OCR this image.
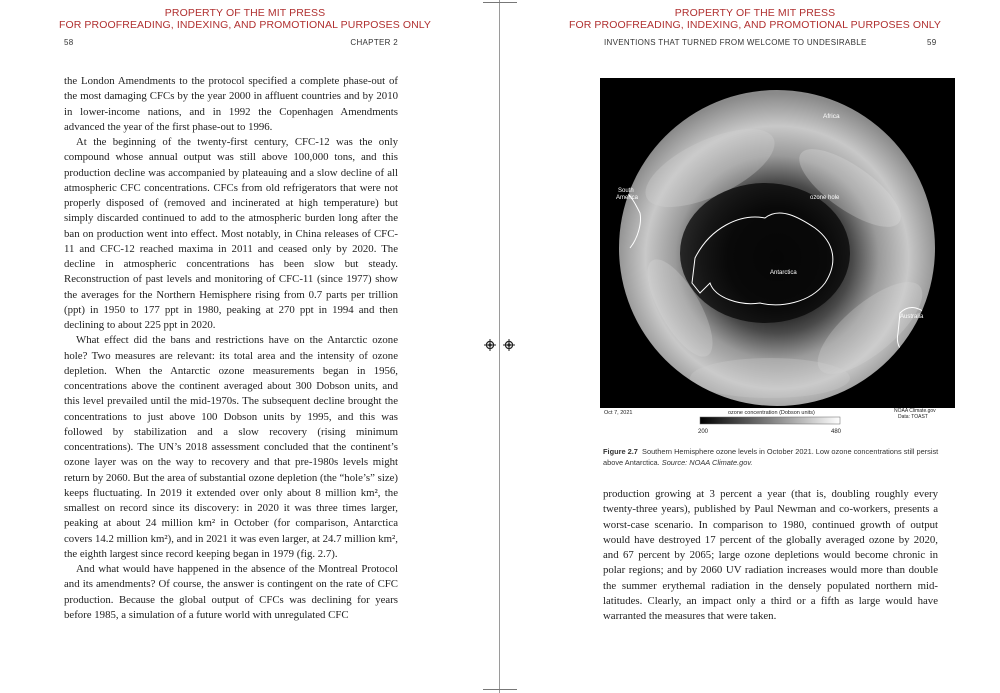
PROPERTY OF THE MIT PRESS
FOR PROOFREADING, INDEXING, AND PROMOTIONAL PURPOSES ONLY
58	CHAPTER 2

the London Amendments to the protocol specified a complete phase-out of the most damaging CFCs by the year 2000 in affluent countries and by 2010 in lower-income nations, and in 1992 the Copenhagen Amendments advanced the year of the first phase-out to 1996.

At the beginning of the twenty-first century, CFC-12 was the only compound whose annual output was still above 100,000 tons, and this production decline was accompanied by plateauing and a slow decline of all atmospheric CFC concentrations. CFCs from old refrigerators that were not properly disposed of (removed and incinerated at high temperature) but simply discarded continued to add to the atmospheric burden long after the ban on production went into effect. Most notably, in China releases of CFC-11 and CFC-12 reached maxima in 2011 and ceased only by 2020. The decline in atmospheric concentrations has been slow but steady. Reconstruction of past levels and monitoring of CFC-11 (since 1977) show the averages for the Northern Hemisphere rising from 0.7 parts per trillion (ppt) in 1950 to 177 ppt in 1980, peaking at 270 ppt in 1994 and then declining to about 225 ppt in 2020.

What effect did the bans and restrictions have on the Antarctic ozone hole? Two measures are relevant: its total area and the intensity of ozone depletion. When the Antarctic ozone measurements began in 1956, concentrations above the continent averaged about 300 Dobson units, and this level prevailed until the mid-1970s. The subsequent decline brought the concentrations to just above 100 Dobson units by 1995, and this was followed by stabilization and a slow recovery (rising minimum concentrations). The UN’s 2018 assessment concluded that the continent’s ozone layer was on the way to recovery and that pre-1980s levels might return by 2060. But the area of substantial ozone depletion (the “hole’s” size) keeps fluctuating. In 2019 it extended over only about 8 million km², the smallest on record since its discovery: in 2020 it was three times larger, peaking at about 24 million km² in October (for comparison, Antarctica covers 14.2 million km²), and in 2021 it was even larger, at 24.7 million km², the eighth largest since record keeping began in 1979 (fig. 2.7).

And what would have happened in the absence of the Montreal Protocol and its amendments? Of course, the answer is contingent on the rate of CFC production. Because the global output of CFCs was declining for years before 1985, a simulation of a future world with unregulated CFC

PROPERTY OF THE MIT PRESS
FOR PROOFREADING, INDEXING, AND PROMOTIONAL PURPOSES ONLY
INVENTIONS THAT TURNED FROM WELCOME TO UNDESIRABLE	59
Africa
South
America	ozone hole
Antarctica
Australia
Oct 7, 2021	ozone concentration (Dobson units)
200	480
NOAA Climate.gov
Data: TOAST
Figure 2.7 Southern Hemisphere ozone levels in October 2021. Low ozone concentrations still persist above Antarctica. Source: NOAA Climate.gov.

production growing at 3 percent a year (that is, doubling roughly every twenty-three years), published by Paul Newman and co-workers, presents a worst-case scenario. In comparison to 1980, continued growth of output would have destroyed 17 percent of the globally averaged ozone by 2020, and 67 percent by 2065; large ozone depletions would become chronic in polar regions; and by 2060 UV radiation increases would more than double the summer erythemal radiation in the densely populated northern mid-latitudes. Clearly, an impact only a third or a fifth as large would have warranted the measures that were taken.
